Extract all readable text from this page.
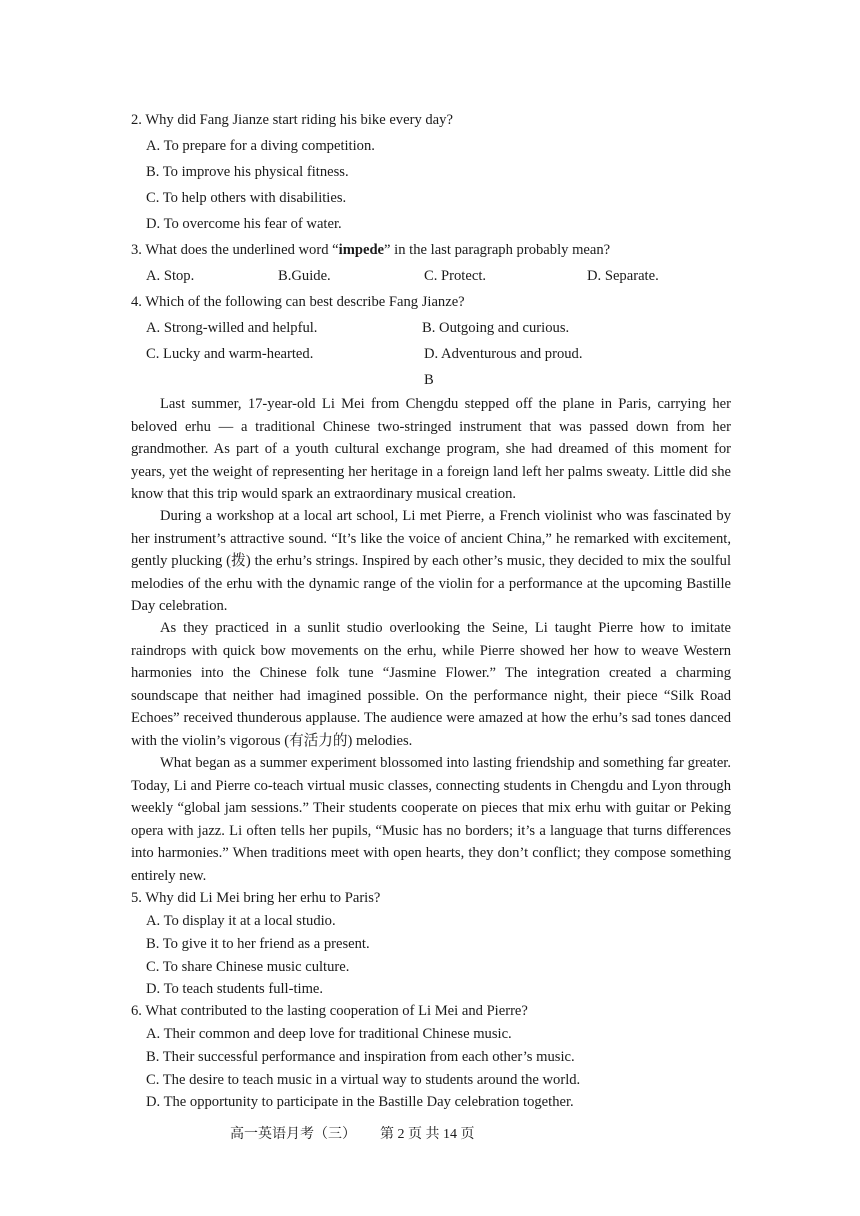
2. Why did Fang Jianze start riding his bike every day?
A. To prepare for a diving competition.
B. To improve his physical fitness.
C. To help others with disabilities.
D. To overcome his fear of water.
3. What does the underlined word “impede” in the last paragraph probably mean?
A. Stop.	B.Guide.	C. Protect.	D. Separate.
4. Which of the following can best describe Fang Jianze?
A. Strong-willed and helpful.	B. Outgoing and curious.
C. Lucky and warm-hearted.	D. Adventurous and proud.
B

Last summer, 17-year-old Li Mei from Chengdu stepped off the plane in Paris, carrying her beloved erhu — a traditional Chinese two-stringed instrument that was passed down from her grandmother. As part of a youth cultural exchange program, she had dreamed of this moment for years, yet the weight of representing her heritage in a foreign land left her palms sweaty. Little did she know that this trip would spark an extraordinary musical creation.

During a workshop at a local art school, Li met Pierre, a French violinist who was fascinated by her instrument’s attractive sound. “It’s like the voice of ancient China,” he remarked with excitement, gently plucking (拨) the erhu’s strings. Inspired by each other’s music, they decided to mix the soulful melodies of the erhu with the dynamic range of the violin for a performance at the upcoming Bastille Day celebration.

As they practiced in a sunlit studio overlooking the Seine, Li taught Pierre how to imitate raindrops with quick bow movements on the erhu, while Pierre showed her how to weave Western harmonies into the Chinese folk tune “Jasmine Flower.” The integration created a charming soundscape that neither had imagined possible. On the performance night, their piece “Silk Road Echoes” received thunderous applause. The audience were amazed at how the erhu’s sad tones danced with the violin’s vigorous (有活力的) melodies.

What began as a summer experiment blossomed into lasting friendship and something far greater. Today, Li and Pierre co-teach virtual music classes, connecting students in Chengdu and Lyon through weekly “global jam sessions.” Their students cooperate on pieces that mix erhu with guitar or Peking opera with jazz. Li often tells her pupils, “Music has no borders; it’s a language that turns differences into harmonies.” When traditions meet with open hearts, they don’t conflict; they compose something entirely new.

5. Why did Li Mei bring her erhu to Paris?
A. To display it at a local studio.
B. To give it to her friend as a present.
C. To share Chinese music culture.
D. To teach students full-time.
6. What contributed to the lasting cooperation of Li Mei and Pierre?
A. Their common and deep love for traditional Chinese music.
B. Their successful performance and inspiration from each other’s music.
C. The desire to teach music in a virtual way to students around the world.
D. The opportunity to participate in the Bastille Day celebration together.
高一英语月考（三） 第 2 页 共 14 页
